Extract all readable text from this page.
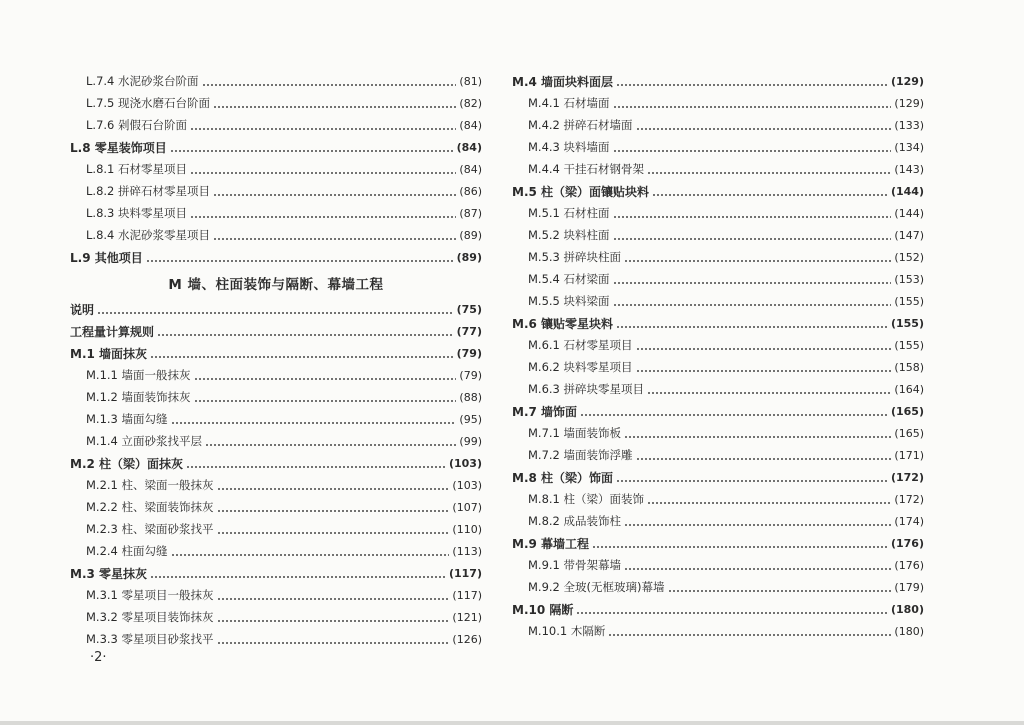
L.7.4 水泥砂浆台阶面	(81)
L.7.5 现浇水磨石台阶面	(82)
L.7.6 剁假石台阶面	(84)
L.8 零星装饰项目	(84)
L.8.1 石材零星项目	(84)
L.8.2 拼碎石材零星项目	(86)
L.8.3 块料零星项目	(87)
L.8.4 水泥砂浆零星项目	(89)
L.9 其他项目	(89)
M 墙、柱面装饰与隔断、幕墙工程
说明	(75)
工程量计算规则	(77)
M.1 墙面抹灰	(79)
M.1.1 墙面一般抹灰	(79)
M.1.2 墙面装饰抹灰	(88)
M.1.3 墙面勾缝	(95)
M.1.4 立面砂浆找平层	(99)
M.2 柱（梁）面抹灰	(103)
M.2.1 柱、梁面一般抹灰	(103)
M.2.2 柱、梁面装饰抹灰	(107)
M.2.3 柱、梁面砂浆找平	(110)
M.2.4 柱面勾缝	(113)
M.3 零星抹灰	(117)
M.3.1 零星项目一般抹灰	(117)
M.3.2 零星项目装饰抹灰	(121)
M.3.3 零星项目砂浆找平	(126)
M.4 墙面块料面层	(129)
M.4.1 石材墙面	(129)
M.4.2 拼碎石材墙面	(133)
M.4.3 块料墙面	(134)
M.4.4 干挂石材钢骨架	(143)
M.5 柱（梁）面镶贴块料	(144)
M.5.1 石材柱面	(144)
M.5.2 块料柱面	(147)
M.5.3 拼碎块柱面	(152)
M.5.4 石材梁面	(153)
M.5.5 块料梁面	(155)
M.6 镶贴零星块料	(155)
M.6.1 石材零星项目	(155)
M.6.2 块料零星项目	(158)
M.6.3 拼碎块零星项目	(164)
M.7 墙饰面	(165)
M.7.1 墙面装饰板	(165)
M.7.2 墙面装饰浮雕	(171)
M.8 柱（梁）饰面	(172)
M.8.1 柱（梁）面装饰	(172)
M.8.2 成品装饰柱	(174)
M.9 幕墙工程	(176)
M.9.1 带骨架幕墙	(176)
M.9.2 全玻(无框玻璃)幕墙	(179)
M.10 隔断	(180)
M.10.1 木隔断	(180)
·2·
